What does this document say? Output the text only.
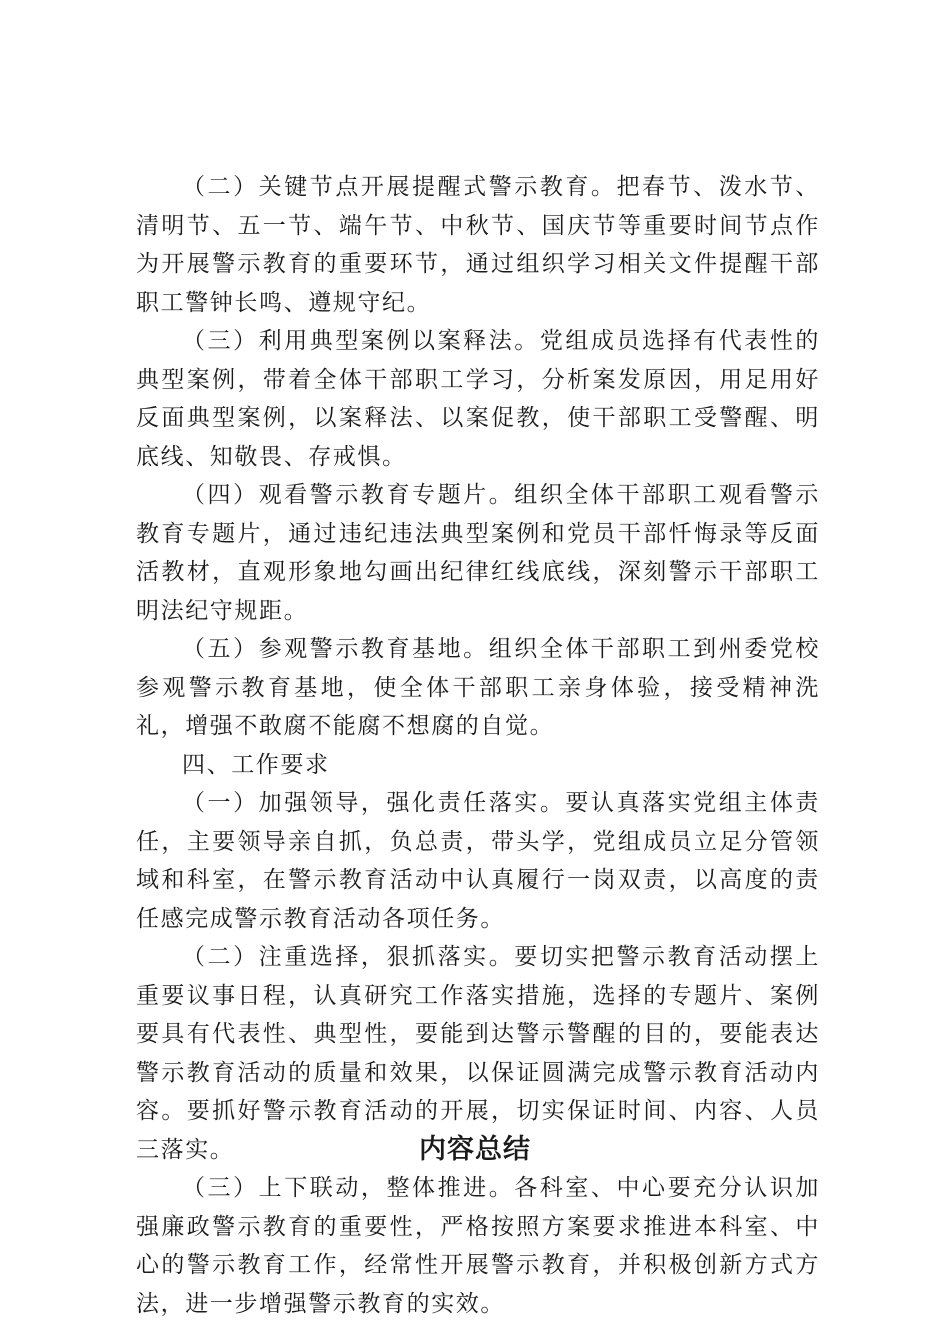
（二）关键节点开展提醒式警示教育。把春节、泼水节、清明节、五一节、端午节、中秋节、国庆节等重要时间节点作为开展警示教育的重要环节，通过组织学习相关文件提醒干部职工警钟长鸣、遵规守纪。

（三）利用典型案例以案释法。党组成员选择有代表性的典型案例，带着全体干部职工学习，分析案发原因，用足用好反面典型案例，以案释法、以案促教，使干部职工受警醒、明底线、知敬畏、存戒惧。

（四）观看警示教育专题片。组织全体干部职工观看警示教育专题片，通过违纪违法典型案例和党员干部忏悔录等反面活教材，直观形象地勾画出纪律红线底线，深刻警示干部职工明法纪守规距。

（五）参观警示教育基地。组织全体干部职工到州委党校参观警示教育基地，使全体干部职工亲身体验，接受精神洗礼，增强不敢腐不能腐不想腐的自觉。

四、工作要求

（一）加强领导，强化责任落实。要认真落实党组主体责任，主要领导亲自抓，负总责，带头学，党组成员立足分管领域和科室，在警示教育活动中认真履行一岗双责，以高度的责任感完成警示教育活动各项任务。

（二）注重选择，狠抓落实。要切实把警示教育活动摆上重要议事日程，认真研究工作落实措施，选择的专题片、案例要具有代表性、典型性，要能到达警示警醒的目的，要能表达警示教育活动的质量和效果，以保证圆满完成警示教育活动内容。要抓好警示教育活动的开展，切实保证时间、内容、人员三落实。

（三）上下联动，整体推进。各科室、中心要充分认识加强廉政警示教育的重要性，严格按照方案要求推进本科室、中心的警示教育工作，经常性开展警示教育，并积极创新方式方法，进一步增强警示教育的实效。

内容总结
